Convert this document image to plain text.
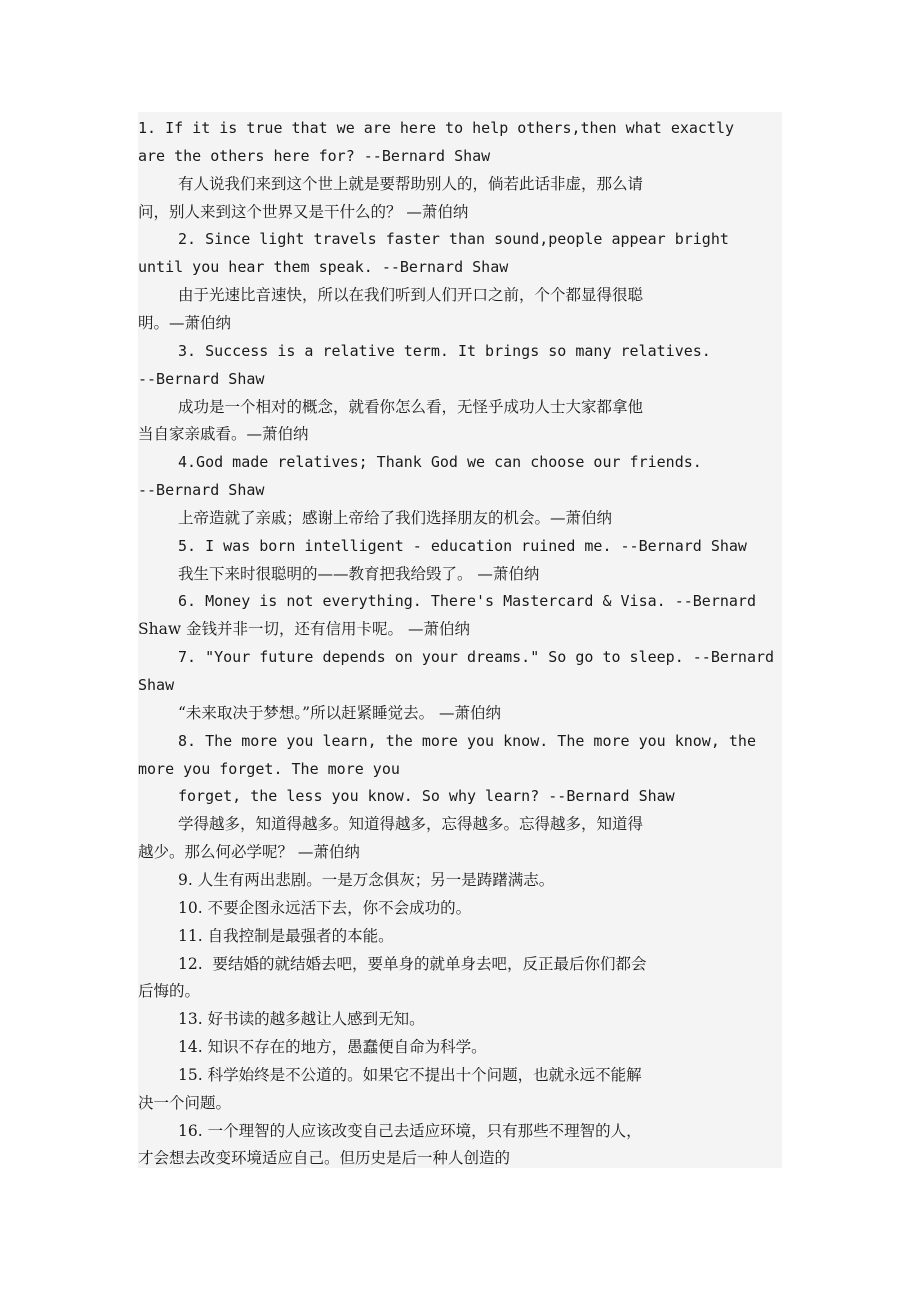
1. If it is true that we are here to help others,then what exactly
are the others here for? --Bernard Shaw
有人说我们来到这个世上就是要帮助别人的，倘若此话非虚，那么请
问，别人来到这个世界又是干什么的？ —萧伯纳
2. Since light travels faster than sound,people appear bright
until you hear them speak. --Bernard Shaw
由于光速比音速快，所以在我们听到人们开口之前，个个都显得很聪
明。—萧伯纳
3. Success is a relative term. It brings so many relatives.
--Bernard Shaw
成功是一个相对的概念，就看你怎么看，无怪乎成功人士大家都拿他
当自家亲戚看。—萧伯纳
4.God made relatives; Thank God we can choose our friends.
--Bernard Shaw
上帝造就了亲戚；感谢上帝给了我们选择朋友的机会。—萧伯纳
5. I was born intelligent - education ruined me. --Bernard Shaw
我生下来时很聪明的——教育把我给毁了。 —萧伯纳
6. Money is not everything. There's Mastercard & Visa. --Bernard
Shaw 金钱并非一切，还有信用卡呢。 —萧伯纳
7. "Your future depends on your dreams." So go to sleep. --Bernard
Shaw
“未来取决于梦想。”所以赶紧睡觉去。 —萧伯纳
8. The more you learn, the more you know. The more you know, the
more you forget. The more you
forget, the less you know. So why learn? --Bernard Shaw
学得越多，知道得越多。知道得越多，忘得越多。忘得越多，知道得
越少。那么何必学呢？ —萧伯纳
9. 人生有两出悲剧。一是万念俱灰；另一是踌躇满志。
10. 不要企图永远活下去，你不会成功的。
11. 自我控制是最强者的本能。
12.  要结婚的就结婚去吧，要单身的就单身去吧，反正最后你们都会
后悔的。
13. 好书读的越多越让人感到无知。
14. 知识不存在的地方，愚蠢便自命为科学。
15. 科学始终是不公道的。如果它不提出十个问题，也就永远不能解
决一个问题。
16. 一个理智的人应该改变自己去适应环境，只有那些不理智的人，
才会想去改变环境适应自己。但历史是后一种人创造的
